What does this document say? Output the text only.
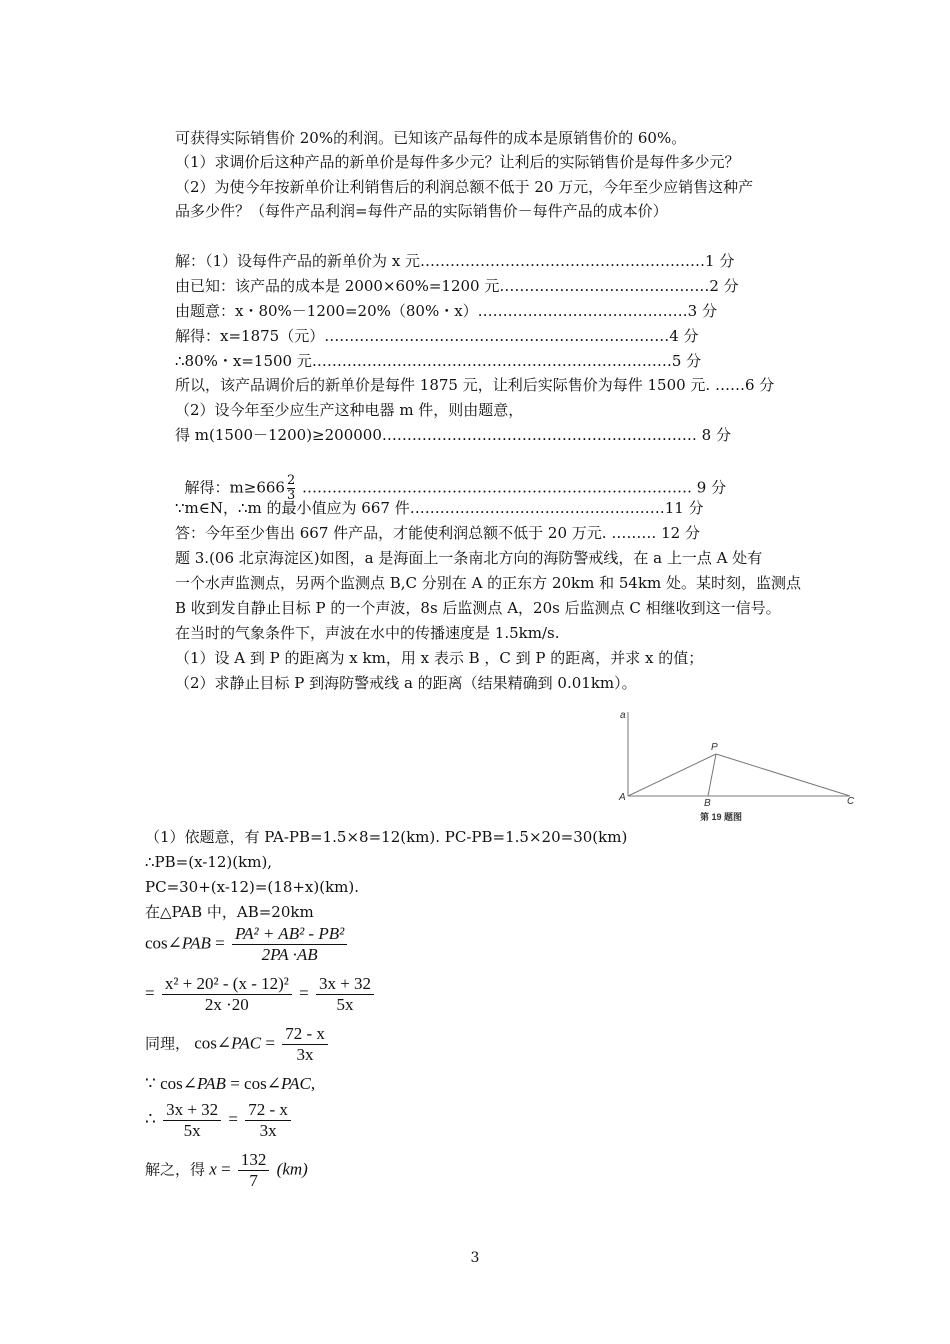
可获得实际销售价 20%的利润。已知该产品每件的成本是原销售价的 60%。
（1）求调价后这种产品的新单价是每件多少元？让利后的实际销售价是每件多少元？
（2）为使今年按新单价让利销售后的利润总额不低于 20 万元，今年至少应销售这种产
品多少件？（每件产品利润=每件产品的实际销售价－每件产品的成本价）
解：（1）设每件产品的新单价为 x 元…………………………………………………1 分
由已知：该产品的成本是 2000×60%=1200 元……………………………………2 分
由题意：x・80%－1200=20%（80%・x）……………………………………3 分
解得：x=1875（元）……………………………………………………………4 分
∴80%・x=1500 元………………………………………………………………5 分
所以，该产品调价后的新单价是每件 1875 元，让利后实际售价为每件 1500 元. ……6 分
（2）设今年至少应生产这种电器 m 件，则由题意，
得 m(1500－1200)≥200000……………………………………………………… 8 分

解得：$m\ge 666 \frac{2}{3}$ …………………………………………………………………… 9 分

∵m∈N，∴m 的最小值应为 667 件……………………………………………11 分
答：今年至少售出 667 件产品，才能使利润总额不低于 20 万元. ……… 12 分
题 3.(06 北京海淀区)如图，a 是海面上一条南北方向的海防警戒线，在 a 上一点 A 处有
一个水声监测点，另两个监测点 B,C 分别在 A 的正东方 20km 和 54km 处。某时刻，监测点
B 收到发自静止目标 P 的一个声波，8s 后监测点 A，20s 后监测点 C 相继收到这一信号。
在当时的气象条件下，声波在水中的传播速度是 1.5km/s.
（1）设 A 到 P 的距离为 x km，用 x 表示 B ，C 到 P 的距离，并求 x 的值；
（2）求静止目标 P 到海防警戒线 a 的距离（结果精确到 0.01km）。
a
P
A
B	C
第 19 题图
（1）依题意，有 PA-PB=1.5×8=12(km). PC-PB=1.5×20=30(km)
∴PB=(x-12)(km),
PC=30+(x-12)=(18+x)(km).
在△PAB 中，AB=20km
cos∠PAB = $\frac{\text{PA² + AB² - PB²}}{2PA \cdot AB}$
= $\frac{\text{x² + 20² - (x - 12)²}}{2x \cdot 20} = \frac{3x + 32}{5x}$
同理， cos∠PAC = $\frac{72 - x}{3x}$
∵ cos∠PAB = cos∠PAC,
∴ $\frac{3x + 32}{5x} = \frac{72 - x}{3x}$
解之，得 $x = \frac{132}{7} (km)$
3
